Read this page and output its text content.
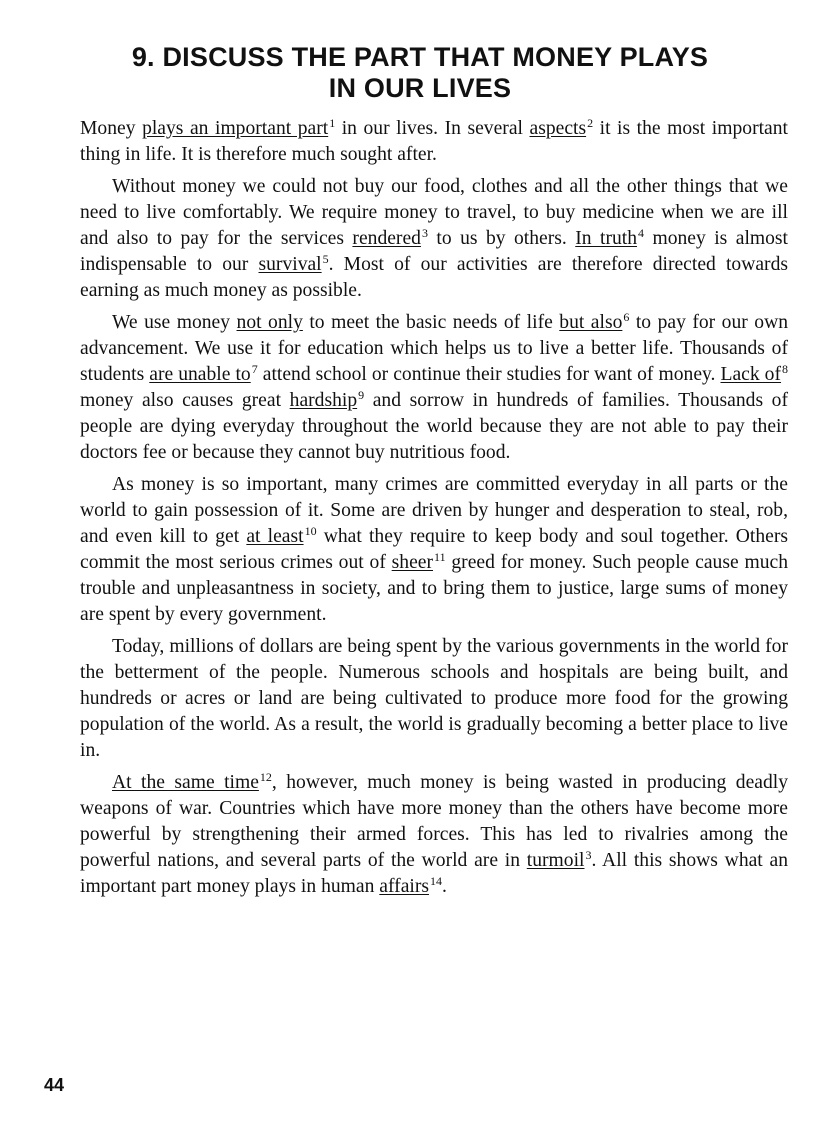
9. DISCUSS THE PART THAT MONEY PLAYS
IN OUR LIVES

Money plays an important part$^1$ in our lives. In several aspects$^2$ it is the most important thing in life. It is therefore much sought after.

Without money we could not buy our food, clothes and all the other things that we need to live comfortably. We require money to travel, to buy medicine when we are ill and also to pay for the services rendered$^3$ to us by others. In truth$^4$ money is almost indispensable to our survival$^5$. Most of our activities are therefore directed towards earning as much money as possible.

We use money not only to meet the basic needs of life but also$^6$ to pay for our own advancement. We use it for education which helps us to live a better life. Thousands of students are unable $to^7$ attend school or continue their studies for want of money. Lack $of^8$ money also causes great hardship$^9$ and sorrow in hundreds of families. Thousands of people are dying everyday throughout the world because they are not able to pay their doctors fee or because they cannot buy nutritious food.

As money is so important, many crimes are committed everyday in all parts or the world to gain possession of it. Some are driven by hunger and desperation to steal, rob, and even kill to get at least$^{10}$ what they require to keep body and soul together. Others commit the most serious crimes out of sheer$^{11}$ greed for money. Such people cause much trouble and unpleasantness in society, and to bring them to justice, large sums of money are spent by every government.

Today, millions of dollars are being spent by the various governments in the world for the betterment of the people. Numerous schools and hospitals are being built, and hundreds or acres or land are being cultivated to produce more food for the growing population of the world. As a result, the world is gradually becoming a better place to live in.

At the same time$^{12}$, however, much money is being wasted in producing deadly weapons of war. Countries which have more money than the others have become more powerful by strengthening their armed forces. This has led to rivalries among the powerful nations, and several parts of the world are in turmoil$^3$. All this shows what an important part money plays in human affairs$^{14}$.

44
